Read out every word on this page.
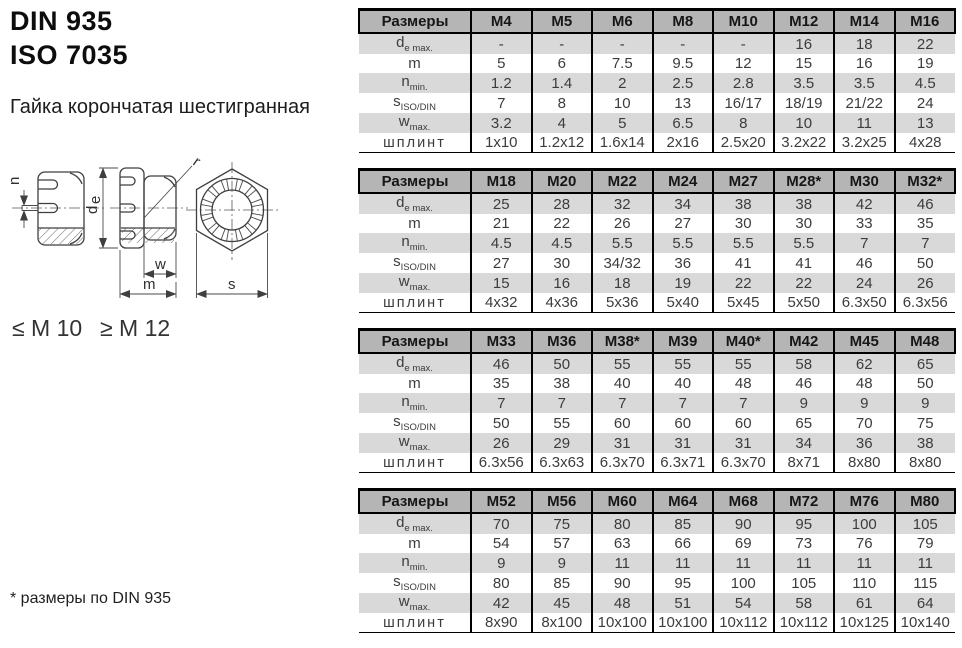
DIN 935
ISO 7035
Гайка корончатая шестигранная
n
d
e
r
w
m	s
≤ M 10 ≥ M 12
* размеры по DIN 935
Размеры	M4	M5	M6	M8	M10	M12	M14	M16
$d_{e max.}$	-	-	-	-	-	16	18	22
m	5	6	7.5	9.5	12	15	16	19
$n_{min.}$	1.2	1.4	2	2.5	2.8	3.5	3.5	4.5
$s_{ISO/DIN}$	7	8	10	13	16/17	18/19	21/22	24
$w_{max.}$	3.2	4	5	6.5	8	10	11	13
шплинт	1x10	1.2x12	1.6x14	2x16	2.5x20	3.2x22	3.2x25	4x28
Размеры	M18	M20	M22	M24	M27	M28*	M30	M32*
$d_{e max.}$	25	28	32	34	38	38	42	46
m	21	22	26	27	30	30	33	35
$n_{min.}$	4.5	4.5	5.5	5.5	5.5	5.5	7	7
$s_{ISO/DIN}$	27	30	34/32	36	41	41	46	50
$w_{max.}$	15	16	18	19	22	22	24	26
шплинт	4x32	4x36	5x36	5x40	5x45	5x50	6.3x50	6.3x56
Размеры	M33	M36	M38*	M39	M40*	M42	M45	M48
$d_{e max.}$	46	50	55	55	55	58	62	65
m	35	38	40	40	48	46	48	50
$n_{min.}$	7	7	7	7	7	9	9	9
$s_{ISO/DIN}$	50	55	60	60	60	65	70	75
$w_{max.}$	26	29	31	31	31	34	36	38
шплинт	6.3x56	6.3x63	6.3x70	6.3x71	6.3x70	8x71	8x80	8x80
Размеры	M52	M56	M60	M64	M68	M72	M76	M80
$d_{e max.}$	70	75	80	85	90	95	100	105
m	54	57	63	66	69	73	76	79
$n_{min.}$	9	9	11	11	11	11	11	11
$s_{ISO/DIN}$	80	85	90	95	100	105	110	115
$w_{max.}$	42	45	48	51	54	58	61	64
шплинт	8x90	8x100	10x100	10x100	10x112	10x112	10x125	10x140
